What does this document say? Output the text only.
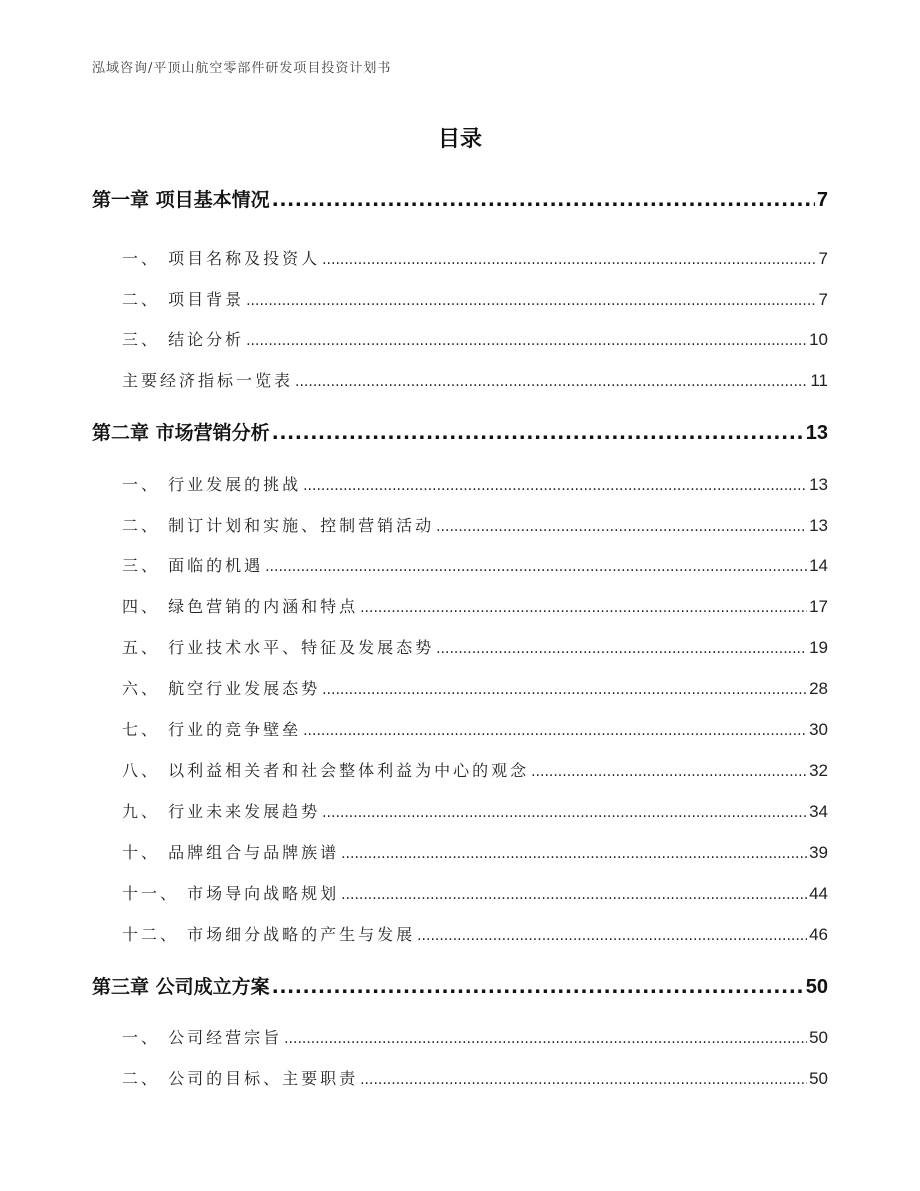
泓域咨询/平顶山航空零部件研发项目投资计划书
目录
第一章 项目基本情况 .....	7
一、 项目名称及投资人 .....	7
二、 项目背景 .....	7
三、 结论分析 .....	10
主要经济指标一览表 .....	11
第二章 市场营销分析 .....	13
一、 行业发展的挑战 .....	13
二、 制订计划和实施、控制营销活动 .....	13
三、 面临的机遇 .....	14
四、 绿色营销的内涵和特点 .....	17
五、 行业技术水平、特征及发展态势 .....	19
六、 航空行业发展态势 .....	28
七、 行业的竞争壁垒 .....	30
八、 以利益相关者和社会整体利益为中心的观念 .....	32
九、 行业未来发展趋势 .....	34
十、 品牌组合与品牌族谱 .....	39
十一、 市场导向战略规划 .....	44
十二、 市场细分战略的产生与发展 .....	46
第三章 公司成立方案 .....	50
一、 公司经营宗旨 .....	50
二、 公司的目标、主要职责 .....	50
